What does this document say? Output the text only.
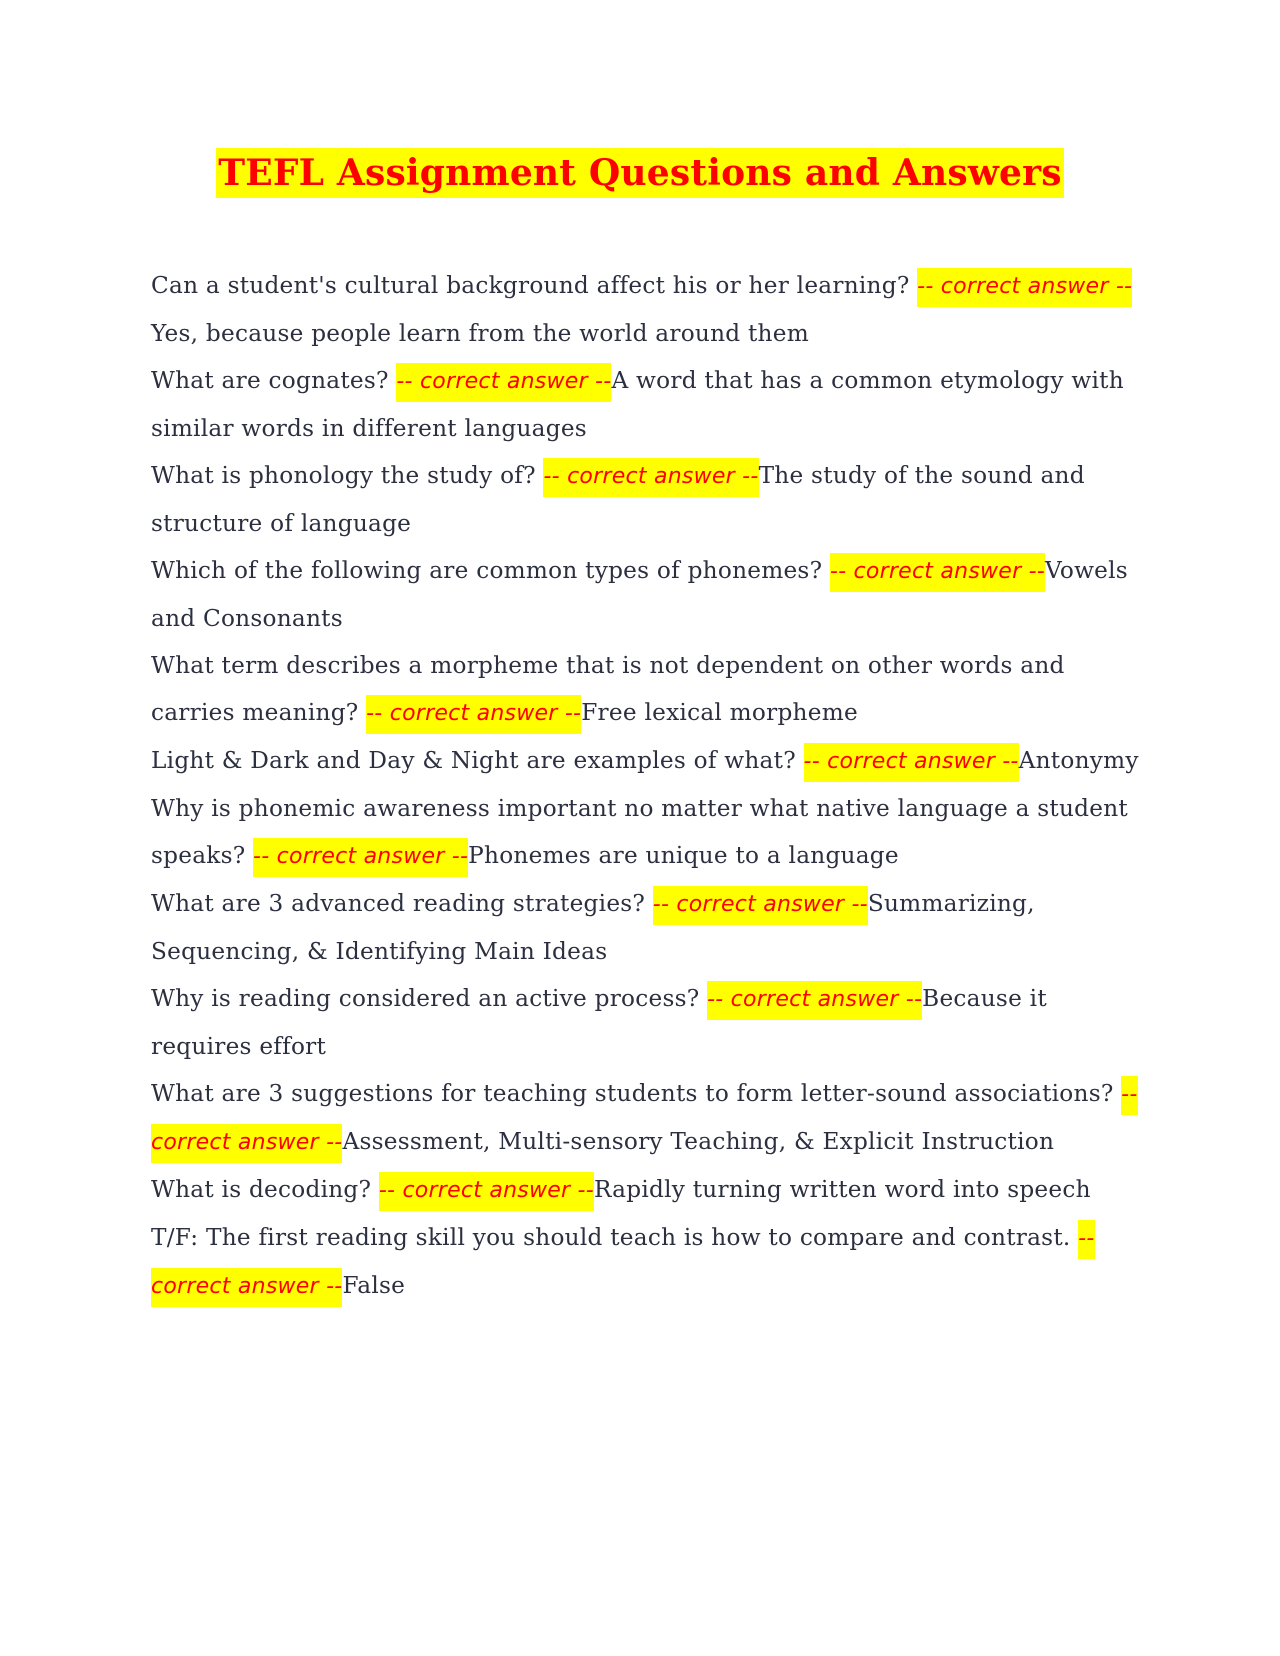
TEFL Assignment Questions and Answers

Can a student's cultural background affect his or her learning? -- correct answer --Yes, because people learn from the world around them

What are cognates? -- correct answer --A word that has a common etymology with similar words in different languages

What is phonology the study of? -- correct answer --The study of the sound and structure of language

Which of the following are common types of phonemes? -- correct answer --Vowels and Consonants

What term describes a morpheme that is not dependent on other words and carries meaning? -- correct answer --Free lexical morpheme

Light & Dark and Day & Night are examples of what? -- correct answer --Antonymy

Why is phonemic awareness important no matter what native language a student speaks? -- correct answer --Phonemes are unique to a language

What are 3 advanced reading strategies? -- correct answer --Summarizing, Sequencing, & Identifying Main Ideas

Why is reading considered an active process? -- correct answer --Because it requires effort

What are 3 suggestions for teaching students to form letter-sound associations? -- correct answer --Assessment, Multi-sensory Teaching, & Explicit Instruction

What is decoding? -- correct answer --Rapidly turning written word into speech

T/F: The first reading skill you should teach is how to compare and contrast. -- correct answer --False
